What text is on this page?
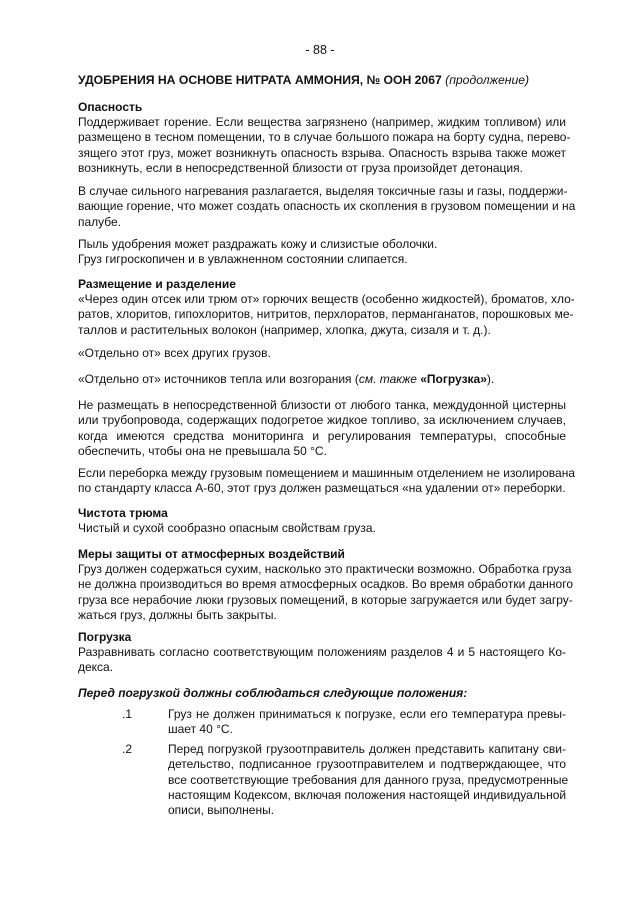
- 88 -
УДОБРЕНИЯ НА ОСНОВЕ НИТРАТА АММОНИЯ, № ООН 2067 (продолжение)
Опасность
Поддерживает горение. Если вещества загрязнено (например, жидким топливом) или
размещено в тесном помещении, то в случае большого пожара на борту судна, перево-
зящего этот груз, может возникнуть опасность взрыва. Опасность взрыва также может
возникнуть, если в непосредственной близости от груза произойдет детонация.
В случае сильного нагревания разлагается, выделяя токсичные газы и газы, поддержи-
вающие горение, что может создать опасность их скопления в грузовом помещении и на
палубе.
Пыль удобрения может раздражать кожу и слизистые оболочки.
Груз гигроскопичен и в увлажненном состоянии слипается.
Размещение и разделение
«Через один отсек или трюм от» горючих веществ (особенно жидкостей), броматов, хло-
ратов, хлоритов, гипохлоритов, нитритов, перхлоратов, перманганатов, порошковых ме-
таллов и растительных волокон (например, хлопка, джута, сизаля и т. д.).
«Отдельно от» всех других грузов.
«Отдельно от» источников тепла или возгорания (см. также «Погрузка»).
Не размещать в непосредственной близости от любого танка, междудонной цистерны
или трубопровода, содержащих подогретое жидкое топливо, за исключением случаев,
когда имеются средства мониторинга и регулирования температуры, способные
обеспечить, чтобы она не превышала 50 °С.
Если переборка между грузовым помещением и машинным отделением не изолирована
по стандарту класса А-60, этот груз должен размещаться «на удалении от» переборки.
Чистота трюма
Чистый и сухой сообразно опасным свойствам груза.
Меры защиты от атмосферных воздействий
Груз должен содержаться сухим, насколько это практически возможно. Обработка груза
не должна производиться во время атмосферных осадков. Во время обработки данного
груза все нерабочие люки грузовых помещений, в которые загружается или будет загру-
жаться груз, должны быть закрыты.
Погрузка
Разравнивать согласно соответствующим положениям разделов 4 и 5 настоящего Ко-
декса.
Перед погрузкой должны соблюдаться следующие положения:
.1	Груз не должен приниматься к погрузке, если его температура превы-
шает 40 °С.
.2	Перед погрузкой грузоотправитель должен представить капитану сви-
детельство, подписанное грузоотправителем и подтверждающее, что
все соответствующие требования для данного груза, предусмотренные
настоящим Кодексом, включая положения настоящей индивидуальной
описи, выполнены.
